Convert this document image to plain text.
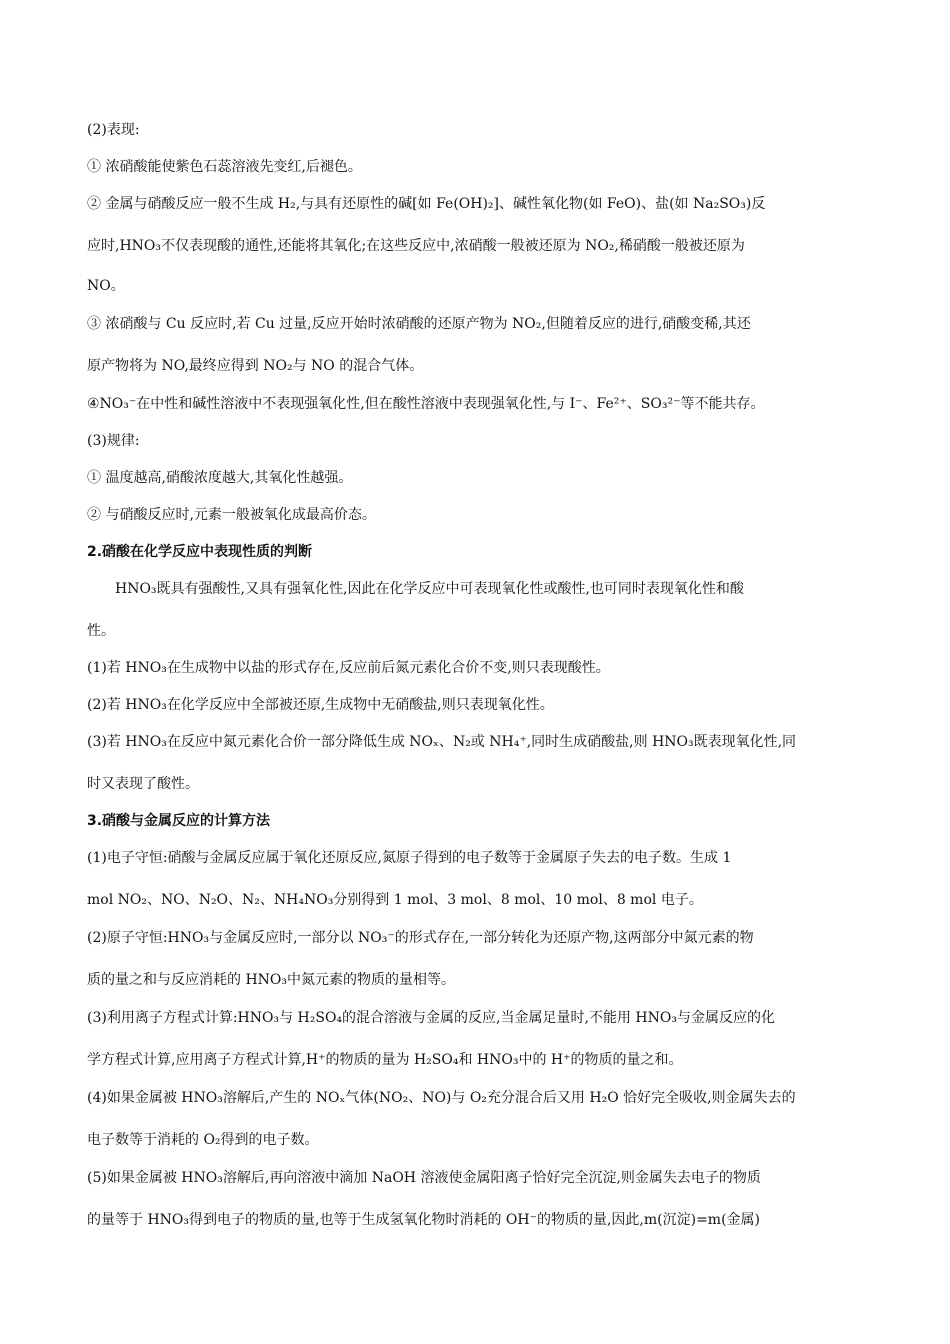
(2)表现:

① 浓硝酸能使紫色石蕊溶液先变红,后褪色。

② 金属与硝酸反应一般不生成 H₂,与具有还原性的碱[如 Fe(OH)₂]、碱性氧化物(如 FeO)、盐(如 Na₂SO₃)反

应时,HNO₃不仅表现酸的通性,还能将其氧化;在这些反应中,浓硝酸一般被还原为 NO₂,稀硝酸一般被还原为

NO。

③ 浓硝酸与 Cu 反应时,若 Cu 过量,反应开始时浓硝酸的还原产物为 NO₂,但随着反应的进行,硝酸变稀,其还

原产物将为 NO,最终应得到 NO₂与 NO 的混合气体。

④NO₃⁻在中性和碱性溶液中不表现强氧化性,但在酸性溶液中表现强氧化性,与 I⁻、Fe²⁺、SO₃²⁻等不能共存。

(3)规律:

① 温度越高,硝酸浓度越大,其氧化性越强。

② 与硝酸反应时,元素一般被氧化成最高价态。

2.硝酸在化学反应中表现性质的判断

HNO₃既具有强酸性,又具有强氧化性,因此在化学反应中可表现氧化性或酸性,也可同时表现氧化性和酸

性。

(1)若 HNO₃在生成物中以盐的形式存在,反应前后氮元素化合价不变,则只表现酸性。

(2)若 HNO₃在化学反应中全部被还原,生成物中无硝酸盐,则只表现氧化性。

(3)若 HNO₃在反应中氮元素化合价一部分降低生成 NOₓ、N₂或 NH₄⁺,同时生成硝酸盐,则 HNO₃既表现氧化性,同

时又表现了酸性。

3.硝酸与金属反应的计算方法

(1)电子守恒:硝酸与金属反应属于氧化还原反应,氮原子得到的电子数等于金属原子失去的电子数。生成 1

mol NO₂、NO、N₂O、N₂、NH₄NO₃分别得到 1 mol、3 mol、8 mol、10 mol、8 mol 电子。

(2)原子守恒:HNO₃与金属反应时,一部分以 NO₃⁻的形式存在,一部分转化为还原产物,这两部分中氮元素的物

质的量之和与反应消耗的 HNO₃中氮元素的物质的量相等。

(3)利用离子方程式计算:HNO₃与 H₂SO₄的混合溶液与金属的反应,当金属足量时,不能用 HNO₃与金属反应的化

学方程式计算,应用离子方程式计算,H⁺的物质的量为 H₂SO₄和 HNO₃中的 H⁺的物质的量之和。

(4)如果金属被 HNO₃溶解后,产生的 NOₓ气体(NO₂、NO)与 O₂充分混合后又用 H₂O 恰好完全吸收,则金属失去的

电子数等于消耗的 O₂得到的电子数。

(5)如果金属被 HNO₃溶解后,再向溶液中滴加 NaOH 溶液使金属阳离子恰好完全沉淀,则金属失去电子的物质

的量等于 HNO₃得到电子的物质的量,也等于生成氢氧化物时消耗的 OH⁻的物质的量,因此,m(沉淀)=m(金属)
